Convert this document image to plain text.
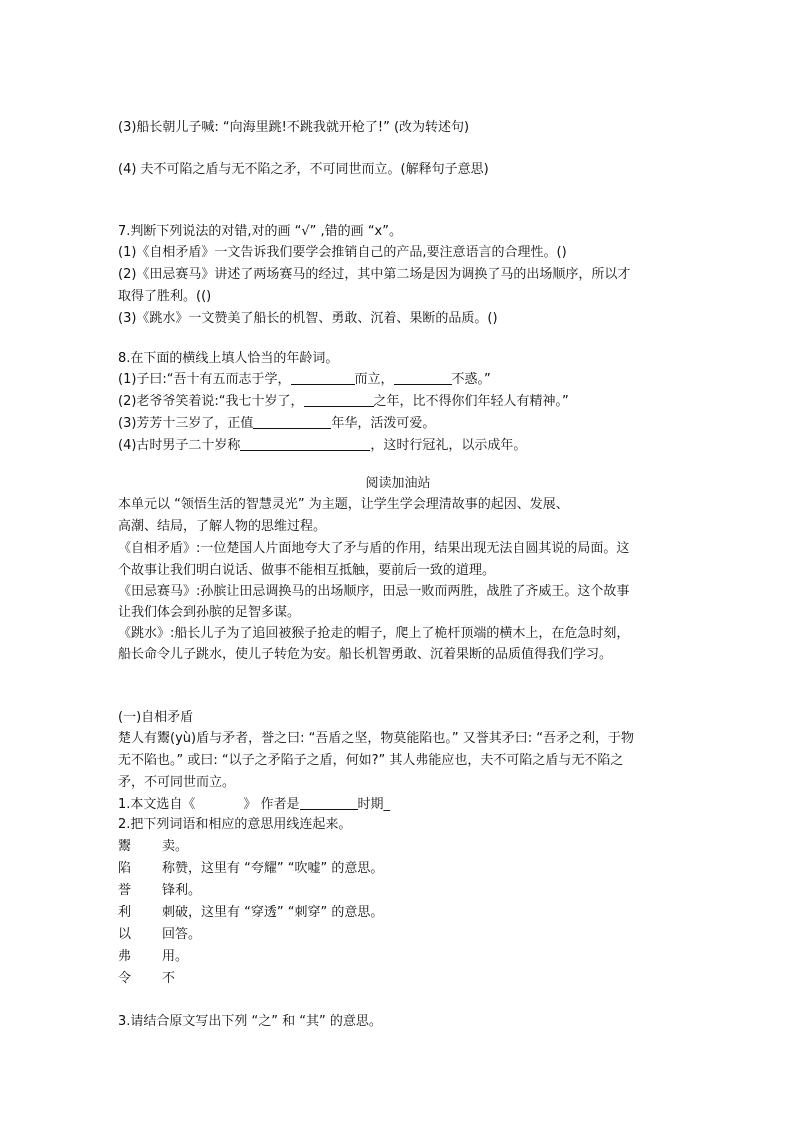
(3)船长朝儿子喊: “向海里跳!不跳我就开枪了!” (改为转述句)
(4) 夫不可陷之盾与无不陷之矛，不可同世而立。(解释句子意思)
7.判断下列说法的对错,对的画 “√” ,错的画 “x”。
(1)《自相矛盾》一文告诉我们要学会推销自己的产品,要注意语言的合理性。()
(2)《田忌赛马》讲述了两场赛马的经过，其中第二场是因为调换了马的出场顺序，所以才
取得了胜利。(()
(3)《跳水》一文赞美了船长的机智、勇敢、沉着、果断的品质。()
8.在下面的横线上填人恰当的年龄词。
(1)子曰:“吾十有五而志于学，	而立，	不惑。”
(2)老爷爷笑着说:“我七十岁了，	之年，比不得你们年轻人有精神。”
(3)芳芳十三岁了，正值	年华，活泼可爱。
(4)古时男子二十岁称	，这时行冠礼，以示成年。
阅读加油站
本单元以 “领悟生活的智慧灵光” 为主题，让学生学会理清故事的起因、发展、
高潮、结局，了解人物的思维过程。
《自相矛盾》:一位楚国人片面地夸大了矛与盾的作用，结果出现无法自圆其说的局面。这
个故事让我们明白说话、做事不能相互抵触，要前后一致的道理。
《田忌赛马》:孙膑让田忌调换马的出场顺序，田忌一败而两胜，战胜了齐威王。这个故事
让我们体会到孙膑的足智多谋。
《跳水》:船长儿子为了追回被猴子抢走的帽子，爬上了桅杆顶端的横木上，在危急时刻，
船长命令儿子跳水，使儿子转危为安。船长机智勇敢、沉着果断的品质值得我们学习。
(一)自相矛盾
楚人有鬻(yù)盾与矛者，誉之曰: “吾盾之坚，物莫能陷也。” 又誉其矛曰: “吾矛之利，于物
无不陷也。” 或曰: “以子之矛陷子之盾，何如?” 其人弗能应也，夫不可陷之盾与无不陷之
矛，不可同世而立。
1.本文选自《	》 作者是	时期_
2.把下列词语和相应的意思用线连起来。
鬻 卖。
陷 称赞，这里有 “夸耀” “吹嘘” 的意思。
誉 锋利。
利 刺破，这里有 “穿透” “刺穿” 的意思。
以 回答。
弗 用。
令 不
3.请结合原文写出下列 “之” 和 “其” 的意思。
